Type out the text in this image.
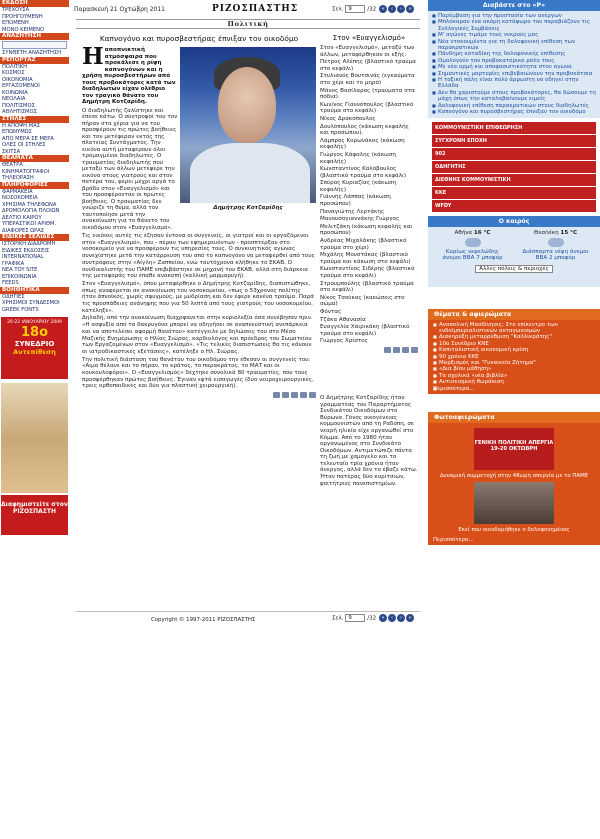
ΕΚΔΟΣΗ
ΤΡΕΧΟΥΣΑ
ΠΡΟΗΓΟΥΜΕΝΗ
ΕΠΟΜΕΝΗ
ΜΟΝΟ ΚΕΙΜΕΝΟ
ΑΝΑΖΗΤΗΣΗ
ΣΥΝΘΕΤΗ ΑΝΑΖΗΤΗΣΗ
ΡΕΠΟΡΤΑΖ
ΠΟΛΙΤΙΚΗ
ΚΟΣΜΟΣ
ΟΙΚΟΝΟΜΙΑ
ΕΡΓΑΖΟΜΕΝΟΙ
ΚΟΙΝΩΝΙΑ
ΝΕΟΛΑΙΑ
ΠΟΛΙΤΙΣΜΟΣ
ΑΘΛΗΤΙΣΜΟΣ
ΣΤΗΛΕΣ
Η ΑΠΟΨΗ ΜΑΣ
ΕΠΩΝΥΜΩΣ
ΑΠΟ ΜΕΡΑ ΣΕ ΜΕΡΑ
ΟΛΕΣ ΟΙ ΣΤΗΛΕΣ
ΣΚΙΤΣΑ
ΘΕΑΜΑΤΑ
ΘΕΑΤΡΑ
ΚΙΝΗΜΑΤΟΓΡΑΦΟΙ
ΤΗΛΕΟΡΑΣΗ
ΠΛΗΡΟΦΟΡΙΕΣ
ΦΑΡΜΑΚΕΙΑ
ΝΟΣΟΚΟΜΕΙΑ
ΧΡΗΣΙΜΑ ΤΗΛΕΦΩΝΑ
ΔΡΟΜΟΛΟΓΙΑ ΠΛΟΙΩΝ
ΔΕΛΤΙΟ ΚΑΙΡΟΥ
ΥΠΕΡΑΣΤΙΚΟΙ ΑΡΙΘΜ.
ΔΙΑΦΟΡΕΣ ΩΡΑΣ
ΕΙΔΙΚΕΣ ΣΕΛΙΔΕΣ
ΙΣΤΟΡΙΚΗ ΔΙΑΔΡΟΜΗ
ΕΙΔΙΚΕΣ ΕΚΔΟΣΕΙΣ
INTERNATIONAL
ΓΡΑΦΙΚΑ
NEA TOY SITE
ΕΠΙΚΟΙΝΩΝΙΑ
FEEDS
ΒΟΗΘΗΤΙΚΑ
ΟΔΗΓΙΕΣ
ΧΡΗΣΙΜΟΙ ΣΥΝΔΕΣΜΟΙ
GREEK FONTS
20-22 ΙΑΝΟΥΑΡΙΟΥ 2009
18ο
ΣΥΝΕΔΡΙΟ
Αντεπίθεση
Διαφημιστείτε στον ΡΙΖΟΣΠΑΣΤΗ
Παρασκευή 21 Οχτώβρη 2011	ΡΙΖΟΣΠΑΣΤΗΣ	Σελ. 9	/32 « ‹ › »
Πολιτική
Καπνογόνο και πυροσβεστήρας έπνιξαν τον οικοδόμο
Ηαποπνικτική ατμόσφαιρα που προκάλεσε η ρίψη καπνογόνων και η χρήση πυροσβεστήρων από τους προβοκάτορες κατά των διαδηλωτών είχαν ολέθριο τον τραγικό θάνατο του Δημήτρη Κοτζαρίδη.
Ο διαδηλωτής ζαλίστηκε και έπεσε κάτω. Ο σύντροφοί του τον πήραν στα χέρια για να του προσφέρουν τις πρώτες βοήθειες και τον μετέφεραν εκτός της πλατείας Συντάγματος. Την εικόνα αυτή μεταφέρουν όλοι τρομαγμένοι διαδηλωτές. Ο τραυματίας διαδηλωτής που μεταξύ των άλλων μετέφερε την εικόνα στους γιατρούς και στον πατέρα του, φέρει μέχρι αργά το βράδυ στον «Ευαγγελισμό» και του προσφέρονταν οι πρώτες βοήθειες. Ο τραυματίας δεν γνώριζε τη θύμα, αλλά τον ταυτοποίησε μετά την ανακοίνωση για το θάνατο του οικοδόμου στον «Ευαγγελισμό».
Δημήτρης Κοτζαρίδης

Τις εικόνες αυτές τις έζησαν έντονα οι συγγενείς, οι γιατροί και οι εργαζόμενοι στον «Ευαγγελισμό», που - πέραν των εφημερευόντων - προσπτέρξαν στο νοσοκομείο για να προσφέρουν τις υπηρεσίες τους. Ο συγκινητικός αγώνας συνεχίστηκε μετά την κατάρρευση του από το καπνογόνο να μεταφερθεί από τους συντρόφους στην «Αίγλη» Ζαππείου, ενώ ταυτόχρονα κλήθηκε το ΕΚΑΒ. Ο συνδικαλιστής του ΠΑΜΕ επιβιβάστηκε σε μηχανή του ΕΚΑΒ, αλλά στη διάρκεια της μεταφοράς του έπαθε ανακοπή (καλλική μαρμαρυγή).

Στον «Ευαγγελισμό», όπου μεταφέρθηκε ο Δημήτρης Κοτζαρίδης, διαπιστώθηκε, όπως αναφέρεται σε ανακοίνωση του νοσοκομείου, «πως ο 53χρονος πολίτης ήταν άπνοϊκός, χωρίς σφυγμούς, με μυδρίαση και δεν έφερε κανένα τραύμα. Παρά τις προσπάθειες ανάνηψης που για 50 λεπτά από τους γιατρούς του νοσοκομείου, κατέληξε».

Δηλαδή, από την ανακοίνωση διαχρφανεται στην κυριολεξία όσα συνέβησαν πριν. «Η ασφυξία από τα δακρυγόνα μπορεί να οδηγήσει σε αναπνευστική ανεπάρκεια και να αποτελέσει αφορμή θανάτου» κατέγγειλε με δηλώσεις του στο Μέσο Μαζικής Ενημέρωσης ο Ηλίας Σιώρας, καρδιολόγος και πρόεδρος του Σωματείου των Εργαζομένων στον «Ευαγγελισμό». «Τις τελικές διαπιστώσεις θα τις κάνουν οι ιατροδικαστικές εξετάσεις», κατέληξε ο Ηλ. Σιώρας.

Την πολιτική διάσταση του θανάτου του οικοδόμου την έθεσαν οι συγγενείς του: «Αιμα θέλανε και το πήραν, το κράτος, το παρακράτος, το ΜΑΤ και οι κουκουλοφόροι». Ο «Ευαγγελισμός» δέχτηκε συνολικά 80 τραυματίες, που τους προσφέρθηκαν πρώτες βοήθειες. Έγιναν εφτά εισαγωγές (δύο νευροχειρουργικές, τρεις ορθοπαιδικές και δύο για πλαστική χειρουργική).

Στον «Ευαγγελισμό»

Στον «Ευαγγελισμό», μεταξύ των άλλων, μεταφέρθηκαν οι εξής:

Πέτρος Αλέπης (βλαστικό τραύμα στο κεφάλι)

Στυλιανός Βουτσινάς (εγκαύματα στο χέρι και το μηρό)

Μάνος Βασίλαρος (τραύματα στα πόδια).

Κων/νος Γιαννόπουλος (βλαστικό τραύμα στο κεφάλι)

Νίκος Δρακόπουλος

Δουλόπουλος (κάκωση κεφαλής και προσώπου).

Λάμπρος Κορωνάκος (κάκωση κεφαλής)

Γιώργος Κάφαλης (κάκωση κεφαλής)

Κωνσταντίνος Καλόβουλος (βλαστικό τραύμα στο κεφάλι)

Σπύρος Κυριαζίας (κάκωση κεφαλής)

Γιάννης Λάππας (κάκωση προσώπου)

Παναγιώτης Λερτάκης

Μανουσογιαννάκης Γιώργος

Μελιτζάκη (κάκωση κεφαλής και προσώπου)

Ανδρέας Μιχαλάκης (βλαστικό τραύμα στο χέρι)

Μιχάλης Μουστάκας (βλαστικό τραύμα και κάκωση στο κεφάλι)

Κωνσταντίνος Σιδέρης (βλαστικό τραύμα στο κεφάλι)

Στρουμπούλης (βλαστικό τραύμα στο κεφάλι)

Νίκος Τσούκας (κακώσεις στο σώμα)

Φόντας

Τζάκα Αθανασία

Ευαγγελία Χαιρικάκη (βλαστικό τραύμα στο κεφάλι)

Γιώργος Χρίστος

Ο Δημήτρης Κοτζαρίδης ήταν γραμματέας του Παραρτήματος Συνδικάτου Οικοδόμων στο Βύρωνα. Γόνος οικογένειας κομμουνιστών από τη Ραδόπη, σε νεαρή ηλικία είχε οργανωθεί στο Κόμμα. Από το 1980 ήταν οργανωμένος στο Συνδικάτο Οικοδόμων. Αντιμετώπιζε πάντα τη ζωή με χαμόγελο και το τελευταίο τρία χρόνια ήταν άνεργος, αλλά δεν το έβαζε κάτω. Ήταν πατέρας δύο κοριτσιών, φοιτήτριες πανεπιστημίων.
Copyright © 1997-2011 ΡΙΖΟΣΠΑΣΤΗΣ	Σελ. 9	/32 « ‹ › »
Διαβάστε στο «Ρ»
■ Παρέμβαση για την προστασία των ανέργων
■ Μπλόκαραν ένα ακόμη κατάφωρο του παραβιάζουν τις Συλλογικές Συμβάσεις
■ Μ' αγώνες τιμάμε τους νεκρούς μας
■ Νέα ντοκουμέντα για τη δολοφονική επίθεση των παρακρατικών
■ Πάνδημη καταδίκη της δολοφονικής επίθεσης
■ Ομολογούν τον προβοκατόρικο ρόλο τους
■ Με νέα ορμή και αποφασιστικότητα στον αγώνα
■ Σημαντικές μαρτυρίες επιβεβαιώνουν την προβοκάτσια
■ Η τοξική πάλη είναι πολύ άρρωστη να οδηγεί στην Ελλάδα
■ Δεν θα χαριστούμε στους προβοκάτορες, θα δώσουμε τη μάχη όπως την καταλαβαίνουμε ειμείς
■ Δολοφονική επίθεση παρακρατικών στους διαδηλωτές
■ Καπνογόνο και πυροσβεστήρας έπνιξαν τον οικοδόμο
ΚΟΜΜΟΥΝΙΣΤΙΚΗ ΕΠΙΘΕΩΡΗΣΗ
ΣΥΓΧΡΟΝΗ ΕΠΟΧΗ
902
ΟΔΗΓΗΤΗΣ
ΔΙΕΘΝΗΣ ΚΟΜΜΟΥΝΙΣΤΙΚΗ
ΚΚΕ
WFDY
Ο καιρός
Αθήνα 16 °C
Κυρίως νεφελώδης άνεμοι ΒΒΑ 7 μποφόρ
Θεσ/νίκη 15 °C
Διάσπαρτα νέφη άνεμοι ΒΒΑ 2 μποφόρ
Άλλες πόλεις & περιοχές
Θέματα & αφιερώματα
■ Αναπολική Μασδίνησις; Στο επίκεντρο των ενδοϊμπεριαλιστικών ανταγωνισμών
■ Διακηρύξη μεταρρύθμιση "Καλλικράτης"
■ 10ο Συνέδριο ΚΝΕ
■ Καπιταλιστική οικονομική κρίση
■ 90 χρόνια ΚΚΕ
■ Μαρξισμός και "Γυναικείο Ζήτημα"
■ «Δια βίου μάθηση»
■ Τα σχολικά «νέα βιβλία»
■ Αντισεισμική θωράκιση
■ Περισσότερα...
Φωτοαφιερώματα
ΓΕΝΙΚΗ ΠΟΛΙΤΙΚΗ ΑΠΕΡΓΙΑ 19-20 ΟΚΤΩΒΡΗ
Δυναμική συμμετοχή στην 48ωρη απεργία με το ΠΑΜΕ
Εκεί που οικοδομήθηκε ο δολοφονημένος
Περισσότερα...
